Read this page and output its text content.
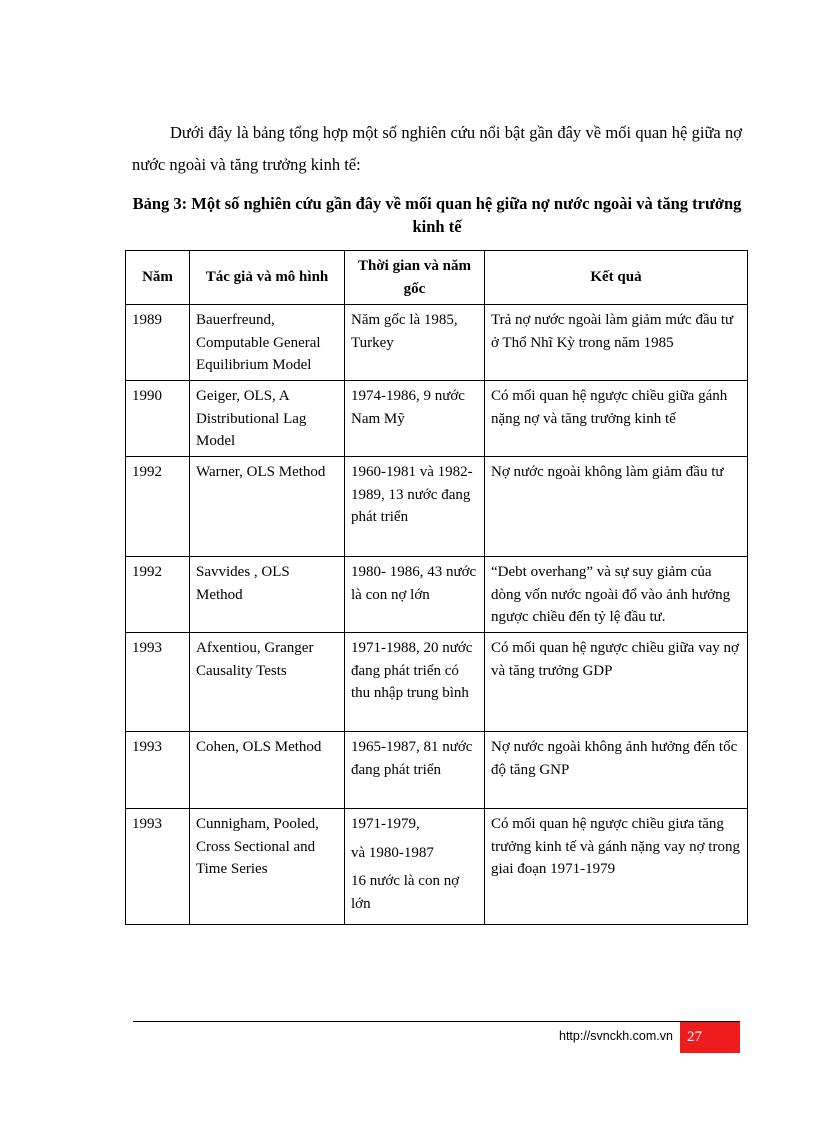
Dưới đây là bảng tổng hợp một số nghiên cứu nổi bật gần đây về mối quan hệ giữa nợ nước ngoài và tăng trưởng kinh tế:

Bảng 3: Một số nghiên cứu gần đây về mối quan hệ giữa nợ nước ngoài và tăng trưởng kinh tế

Năm	Tác giả và mô hình	Thời gian và năm gốc	Kết quả
1989	Bauerfreund, Computable General Equilibrium Model	Năm gốc là 1985, Turkey	Trả nợ nước ngoài làm giảm mức đầu tư ở Thổ Nhĩ Kỳ trong năm 1985
1990	Geiger, OLS, A Distributional Lag Model	1974-1986, 9 nước Nam Mỹ	Có mối quan hệ ngược chiều giữa gánh nặng nợ và tăng trưởng kinh tế
1992	Warner, OLS Method	1960-1981 và 1982-1989, 13 nước đang phát triển	Nợ nước ngoài không làm giảm đầu tư
1992	Savvides , OLS Method	1980- 1986, 43 nước là con nợ lớn	“Debt overhang” và sự suy giảm của dòng vốn nước ngoài đổ vào ảnh hưởng ngược chiều đến tỷ lệ đầu tư.
1993	Afxentiou, Granger Causality Tests	1971-1988, 20 nước đang phát triển có thu nhập trung bình	Có mối quan hệ ngược chiều giữa vay nợ và tăng trưởng GDP
1993	Cohen, OLS Method	1965-1987, 81 nước đang phát triển	Nợ nước ngoài không ảnh hưởng đến tốc độ tăng GNP
1993	Cunnigham, Pooled, Cross Sectional and Time Series	1971-1979,

và 1980-1987

16 nước là con nợ lớn	Có mối quan hệ ngược chiều giưa tăng trưởng kinh tế và gánh nặng vay nợ trong giai đoạn 1971-1979
http://svnckh.com.vn 27
